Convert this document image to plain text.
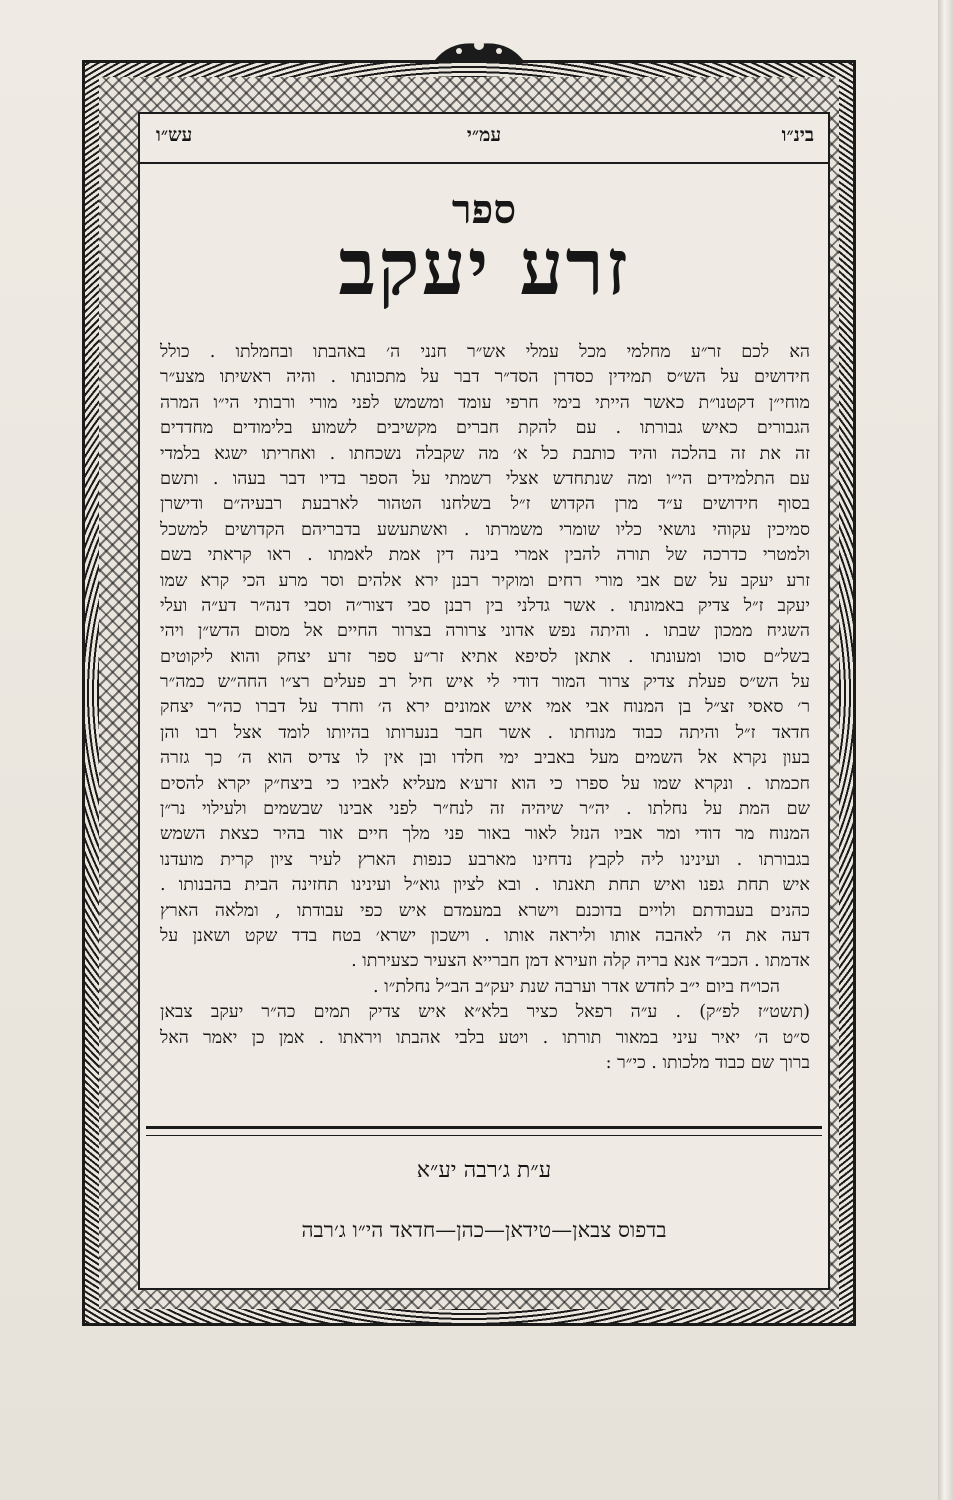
בינ״ו
עמ״י
עש״ו
ספר
זרע יעקב

הא לכם זר״ע מחלמי מכל עמלי אש״ר חנני ה׳ באהבתו ובחמלתו . כולל

חידושים על הש״ס תמידין כסדרן הסד״ר דבר על מתכונתו . והיה ראשיתו מצע״ר

מוחי״ן דקטנו״ת כאשר הייתי בימי חרפי עומד ומשמש לפני מורי ורבותי הי״ו המרה

הגבורים כאיש גבורתו . עם להקת חברים מקשיבים לשמוע בלימודים מחדדים

זה את זה בהלכה והיד כותבת כל א׳ מה שקבלה נשכחתו . ואחריתו ישגא בלמדי

עם התלמידים הי״ו ומה שנתחדש אצלי רשמתי על הספר בדיו דבר בעהו . ותשם

בסוף חידושים ע״ד מרן הקדוש ז״ל בשלחנו הטהור לארבעת רבעיה״ם ודישרן

סמיכין עקוהי נושאי כליו שומרי משמרתו . ואשתעשע בדבריהם הקדושים למשכל

ולמטרי כדרכה של תורה להבין אמרי בינה דין אמת לאמתו . ראו קראתי בשם

זרע יעקב על שם אבי מורי רחים ומוקיר רבנן ירא אלהים וסר מרע הכי קרא שמו

יעקב ז״ל צדיק באמונתו . אשר גדלני בין רבנן סבי דצור״ה וסבי דנה״ר דע״ה ועלי

השגיח ממכון שבתו . והיתה נפש אדוני צרורה בצרור החיים אל מסום הדש״ן ויהי

בשל״ם סוכו ומעונתו . אתאן לסיפא אתיא זר״ע ספר זרע יצחק והוא ליקוטים

על הש״ס פעלת צדיק צרור המור דודי לי איש חיל רב פעלים רצ״ו החה״ש כמה״ר

ר׳ סאסי זצ״ל בן המנוח אבי אמי איש אמונים ירא ה׳ וחרד על דברו כה״ר יצחק

חדאד ז״ל והיתה כבוד מנוחתו . אשר חבר בנערותו בהיותו לומד אצל רבו והן

בעון נקרא אל השמים מעל באביב ימי חלדו ובן אין לו צדיס הוא ה׳ כך גזרה

חכמתו . ונקרא שמו על ספרו כי הוא זרע׳א מעליא לאביו כי ביצח״ק יקרא להסים

שם המת על נחלתו . יה״ר שיהיה זה לנח״ר לפני אבינו שבשמים ולעילוי נר״ן

המנוח מר דודי ומר אביו הנזל לאור באור פני מלך חיים אור בהיר כצאת השמש

בגבורתו . ועינינו ליה לקבץ נדחינו מארבע כנפות הארץ לעיר ציון קרית מועדנו

איש תחת גפנו ואיש תחת תאנתו . ובא לציון גוא״ל ועינינו תחזינה הבית בהבנותו .

כהנים בעבודתם ולויים בדוכנם וישרא במעמדם איש כפי עבודתו , ומלאה הארץ

דעה את ה׳ לאהבה אותו וליראה אותו . וישכון ישרא׳ בטח בדד שקט ושאנן על

אדמתו . הכב״ד אנא בריה קלה וזעירא דמן חברייא הצעיר כצעירתו .

הכו״ח ביום י״ב לחדש אדר וערבה שנת יעק״ב הב״ל נחלת״ו .

(תשט״ז לפ״ק) . ע״ה רפאל כציר בלא״א איש צדיק תמים כה״ר יעקב צבאן

ס״ט ה׳ יאיר עיני במאור תורתו . ויטע בלבי אהבתו ויראתו . אמן כן יאמר האל

ברוך שם כבוד מלכותו . כי״ר :

ע״ת ג׳רבה יע״א
בדפוס צבאן—טידאן—כהן—חדאד הי״ו ג׳רבה
